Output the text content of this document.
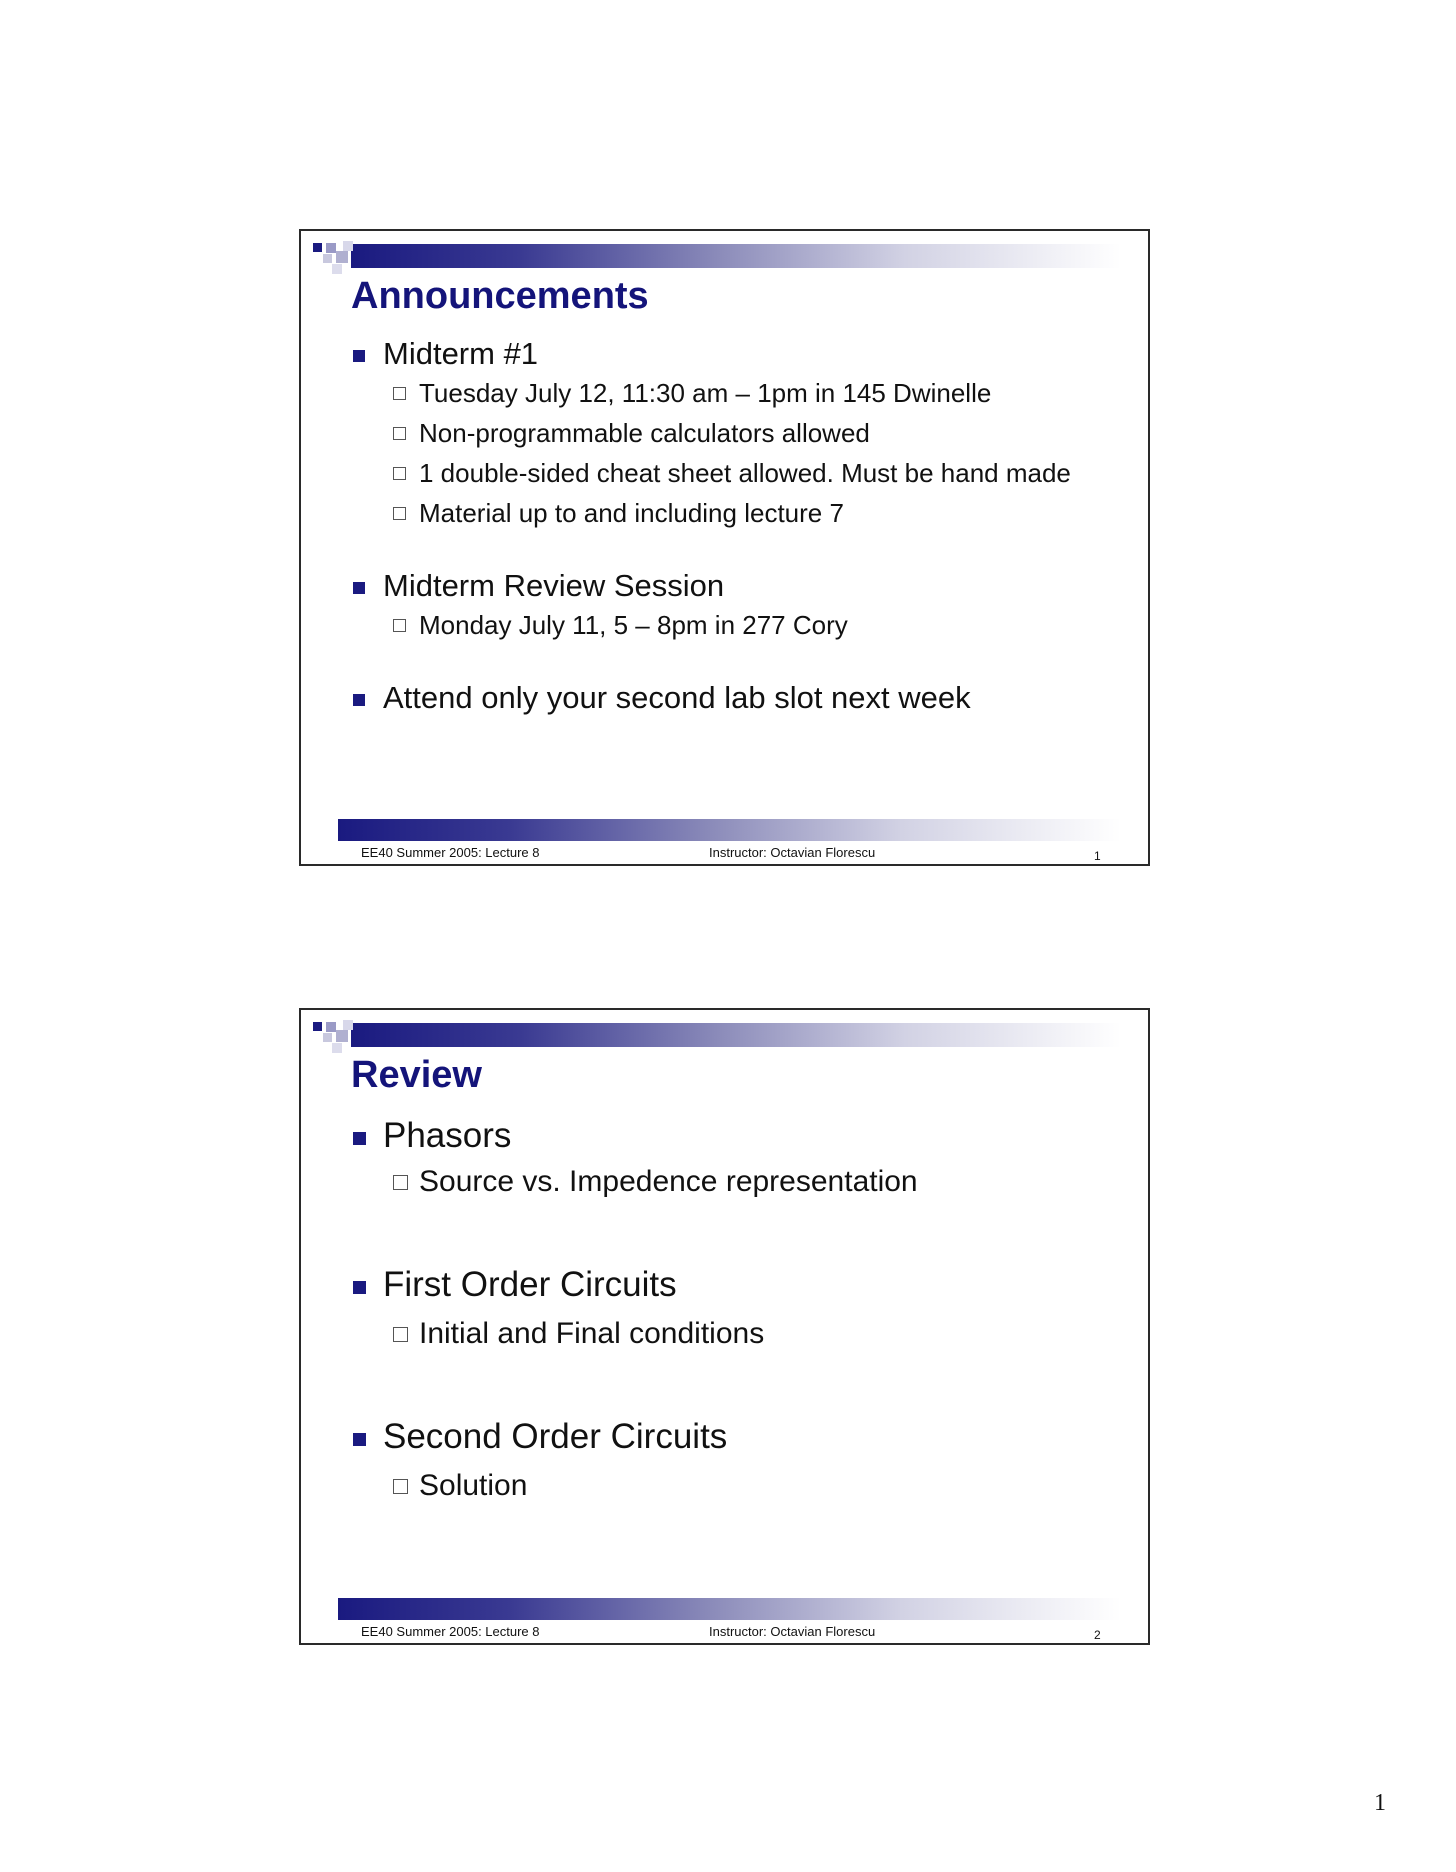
Announcements
Midterm #1
Tuesday July 12, 11:30 am – 1pm in 145 Dwinelle
Non-programmable calculators allowed
1 double-sided cheat sheet allowed. Must be hand made
Material up to and including lecture 7
Midterm Review Session
Monday July 11, 5 – 8pm in 277 Cory
Attend only your second lab slot next week
EE40 Summer 2005: Lecture 8	Instructor: Octavian Florescu	1
Review
Phasors
Source vs. Impedence representation
First Order Circuits
Initial and Final conditions
Second Order Circuits
Solution
EE40 Summer 2005: Lecture 8	Instructor: Octavian Florescu	2
1
